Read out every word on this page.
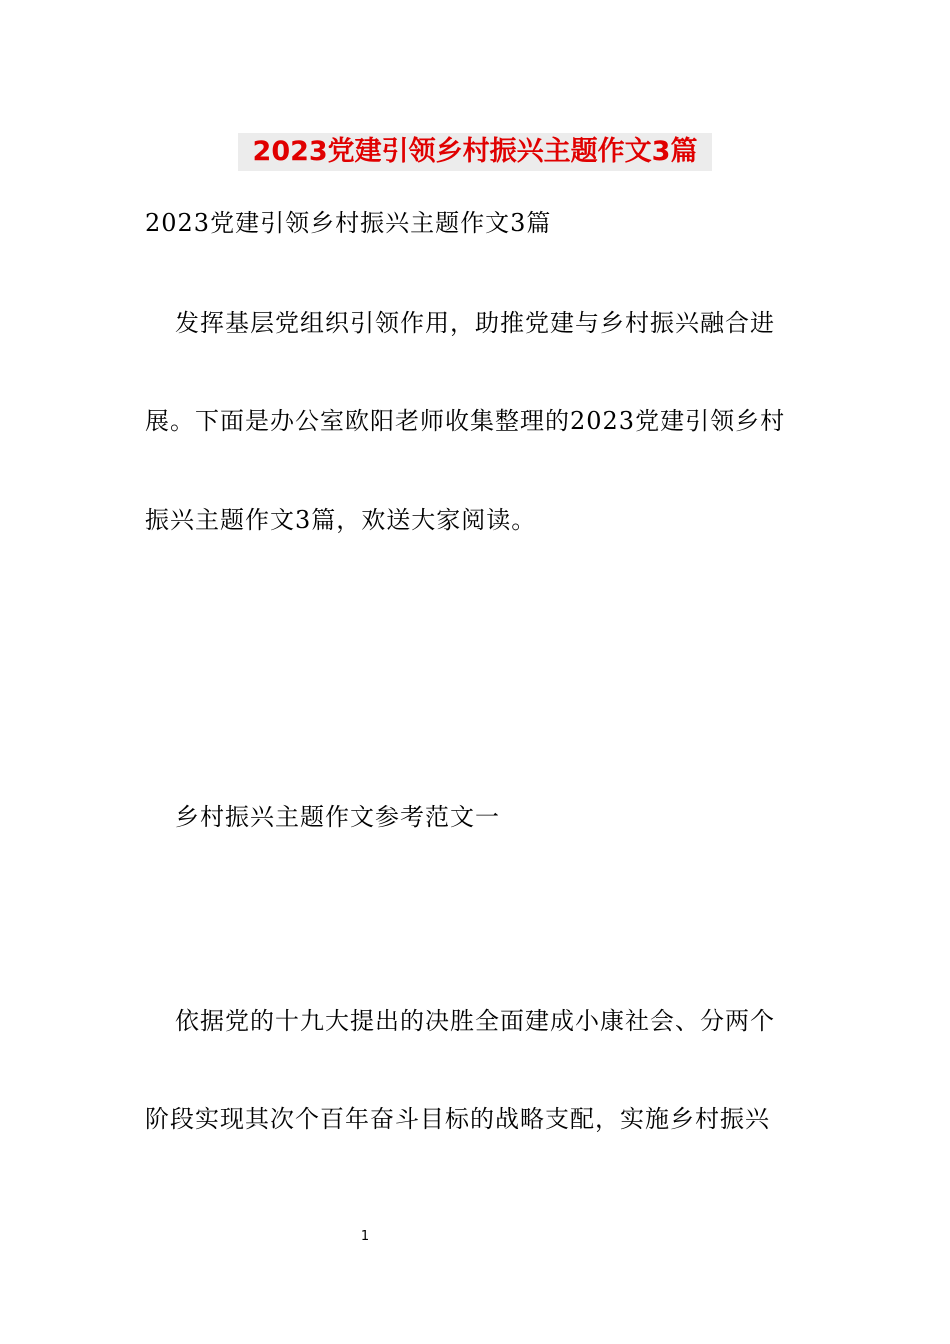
2023党建引领乡村振兴主题作文3篇
2023党建引领乡村振兴主题作文3篇
发挥基层党组织引领作用，助推党建与乡村振兴融合进
展。下面是办公室欧阳老师收集整理的2023党建引领乡村
振兴主题作文3篇，欢送大家阅读。
乡村振兴主题作文参考范文一
依据党的十九大提出的决胜全面建成小康社会、分两个
阶段实现其次个百年奋斗目标的战略支配，实施乡村振兴
1
